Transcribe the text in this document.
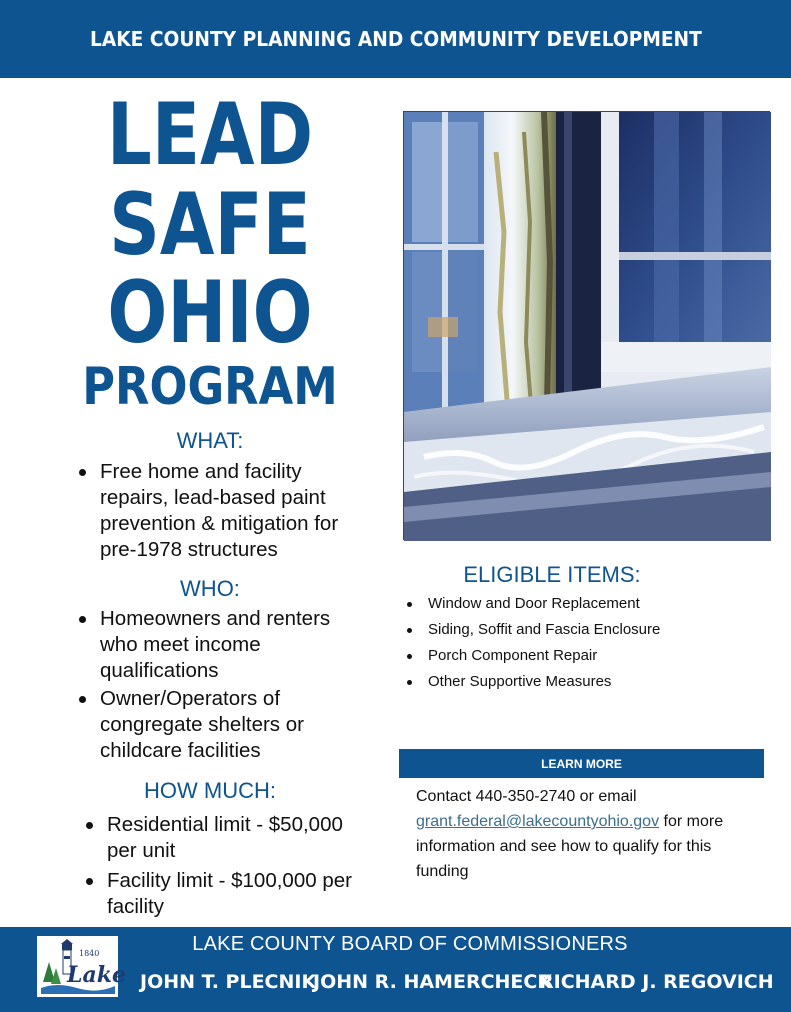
LAKE COUNTY PLANNING AND COMMUNITY DEVELOPMENT
LEAD
SAFE
OHIO
PROGRAM
WHAT:
Free home and facility repairs, lead-based paint prevention & mitigation for pre-1978 structures
WHO:
Homeowners and renters who meet income qualifications
Owner/Operators of congregate shelters or childcare facilities
HOW MUCH:
Residential limit - $50,000 per unit
Facility limit - $100,000 per facility
ELIGIBLE ITEMS:
Window and Door Replacement
Siding, Soffit and Fascia Enclosure
Porch Component Repair
Other Supportive Measures
LEARN MORE
Contact 440-350-2740 or email
grant.federal@lakecountyohio.gov for more information and see how to qualify for this funding
1840
Lake
LAKE COUNTY BOARD OF COMMISSIONERS
JOHN T. PLECNIK
JOHN R. HAMERCHECK
RICHARD J. REGOVICH
